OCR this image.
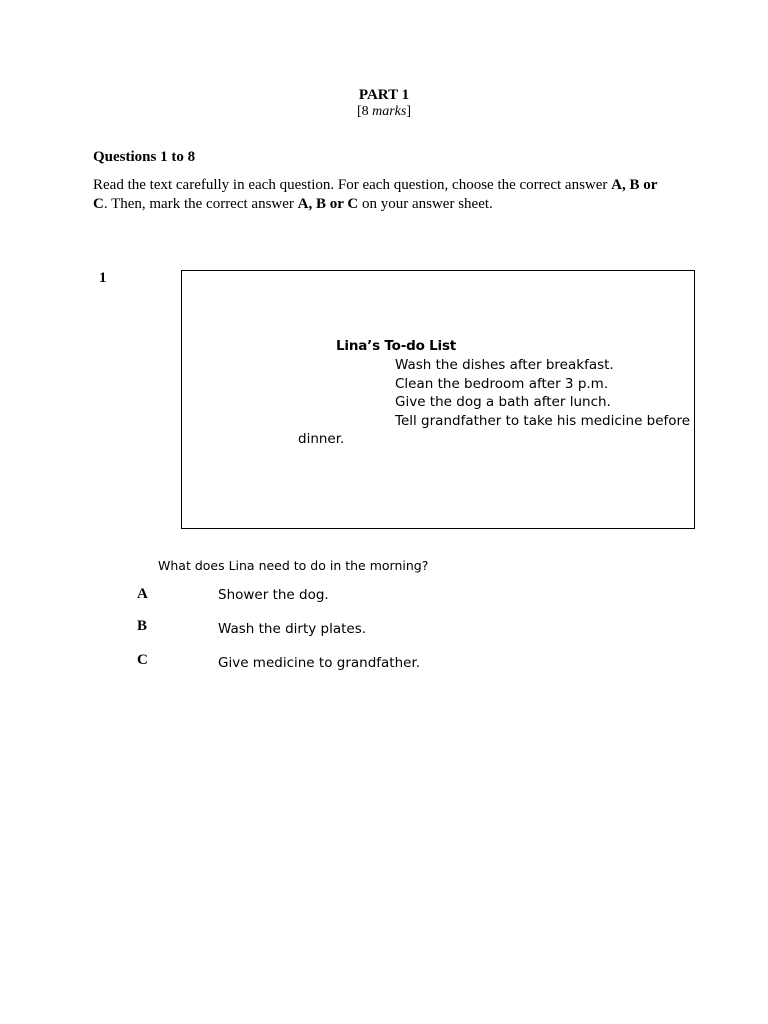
PART 1
[8 marks]
Questions 1 to 8
Read the text carefully in each question. For each question, choose the correct answer A, B or C. Then, mark the correct answer A, B or C on your answer sheet.
1
Lina’s To-do List
Wash the dishes after breakfast.
Clean the bedroom after 3 p.m.
Give the dog a bath after lunch.
Tell grandfather to take his medicine before
dinner.
What does Lina need to do in the morning?
A	Shower the dog.
B	Wash the dirty plates.
C	Give medicine to grandfather.
